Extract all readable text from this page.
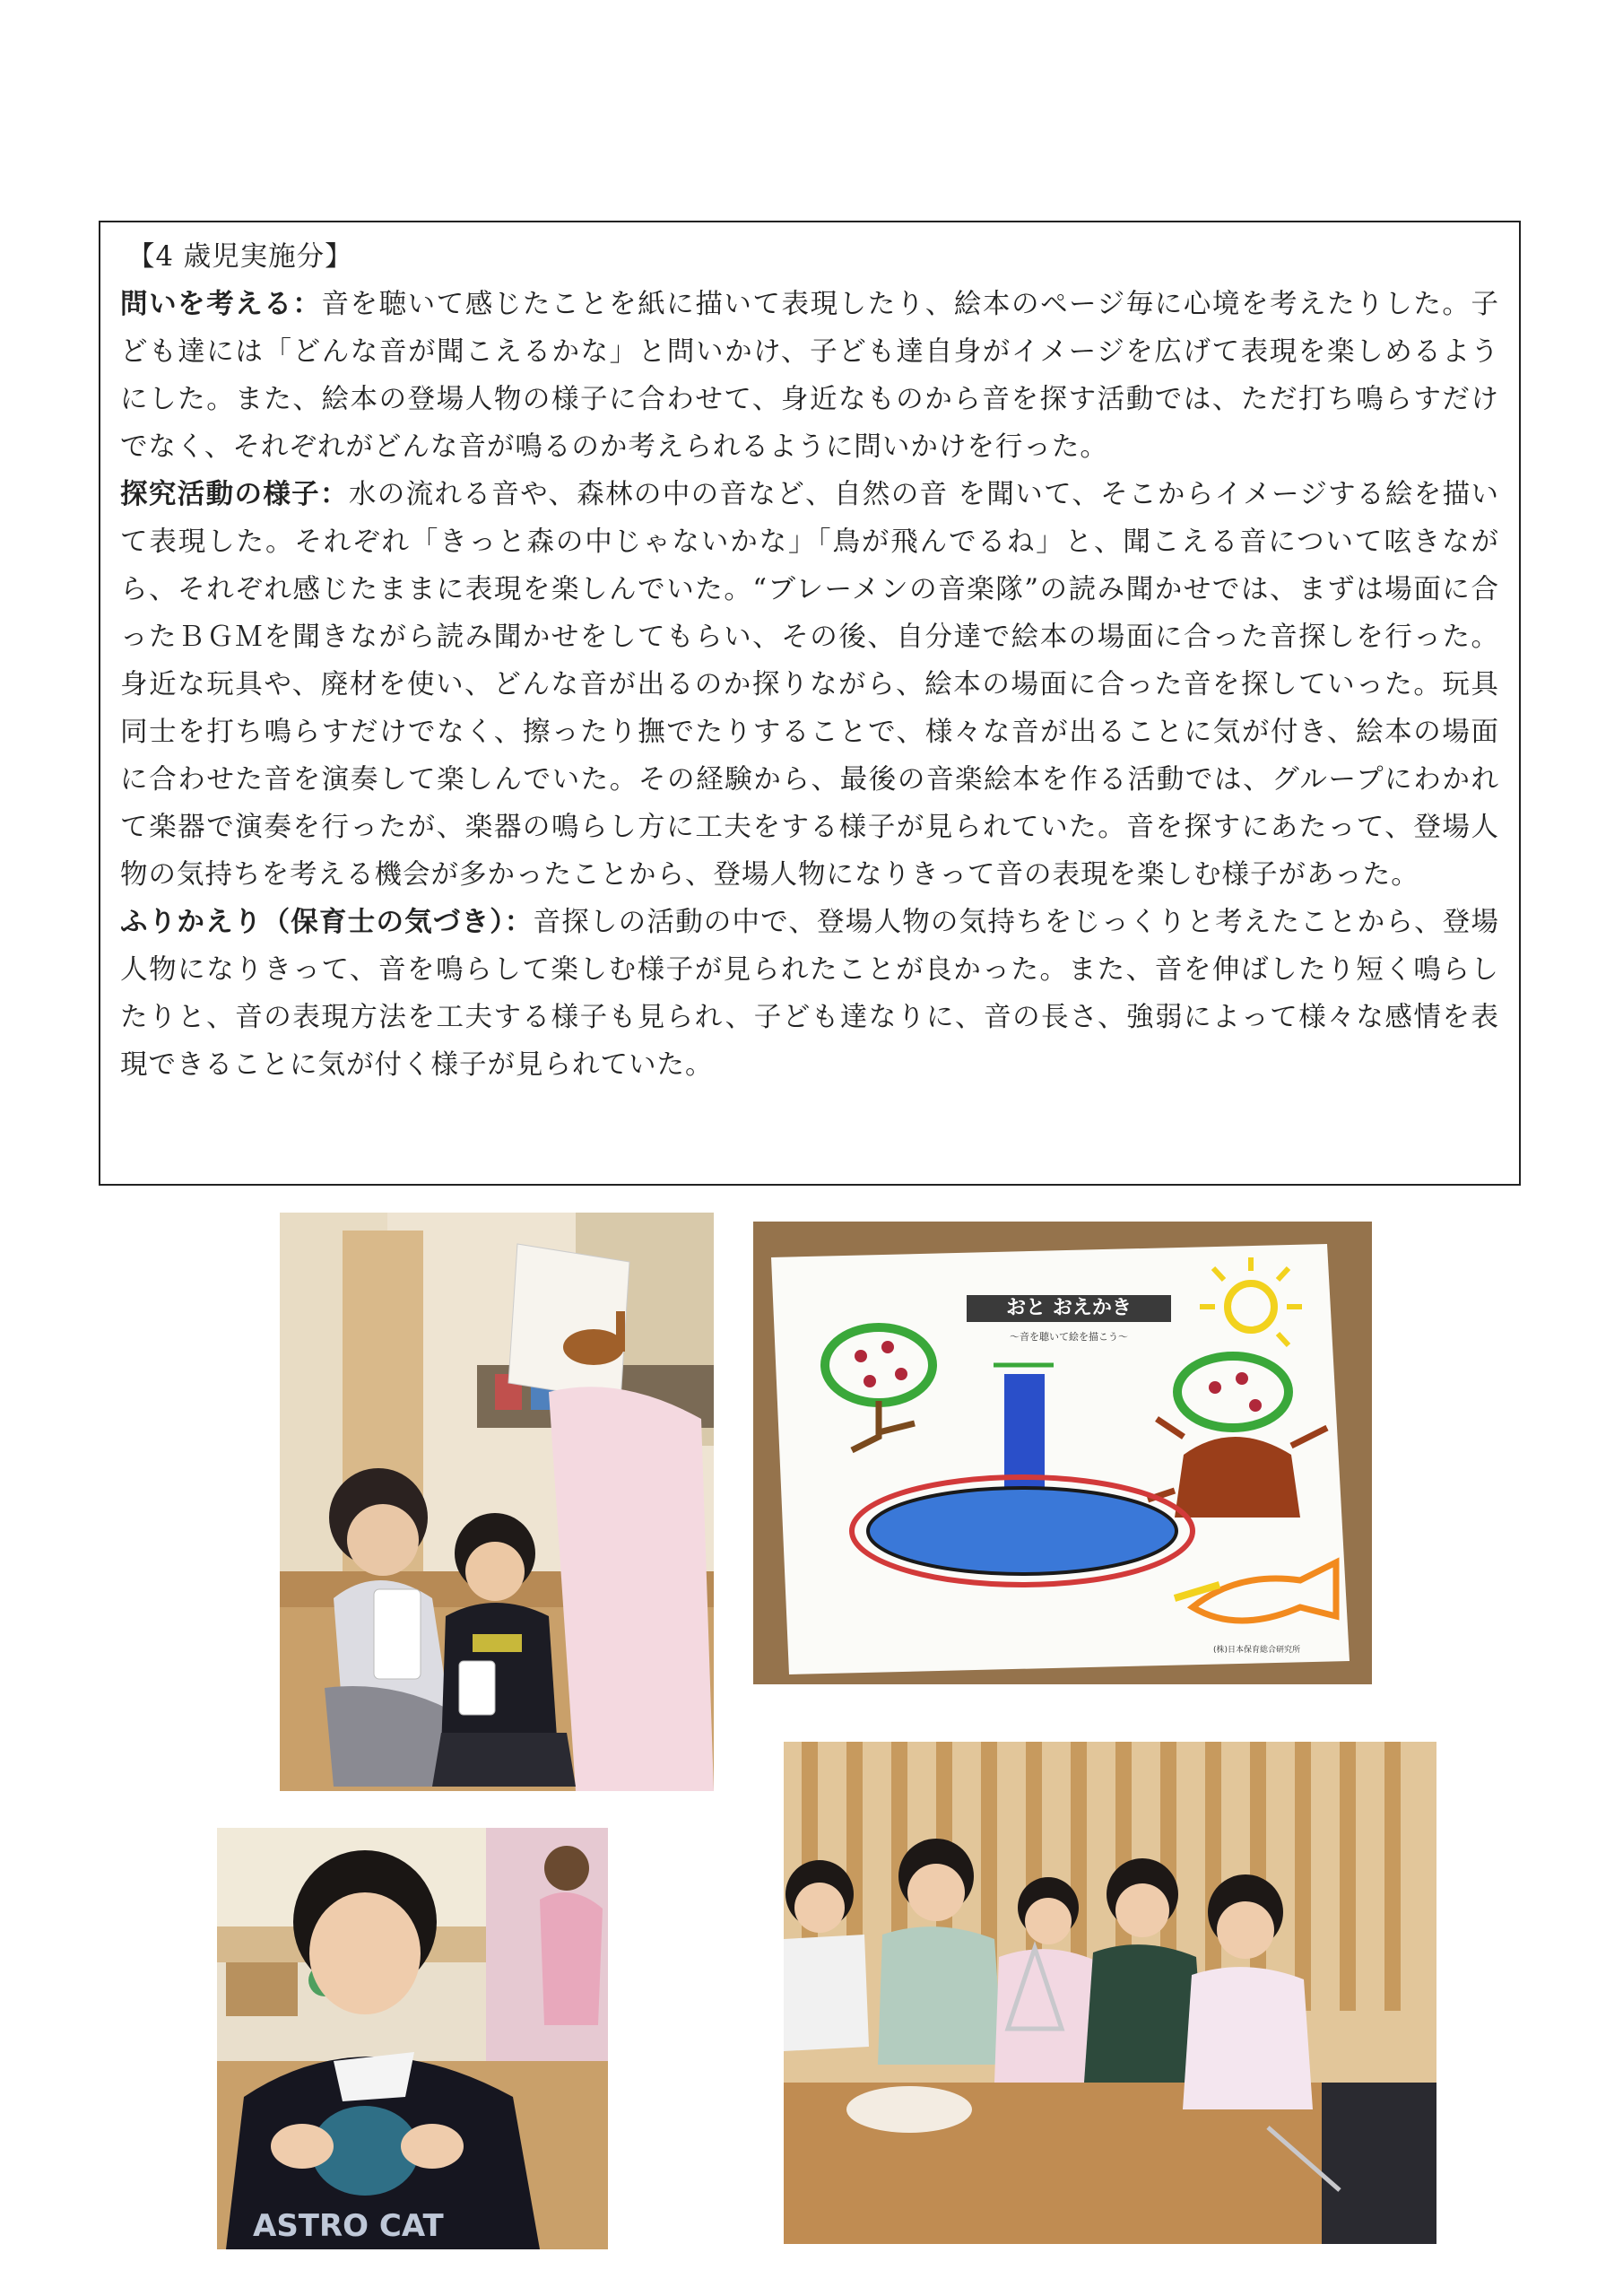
【4 歳児実施分】

問いを考える：音を聴いて感じたことを紙に描いて表現したり、絵本のページ毎に心境を考えたりした。子ども達には「どんな音が聞こえるかな」と問いかけ、子ども達自身がイメージを広げて表現を楽しめるようにした。また、絵本の登場人物の様子に合わせて、身近なものから音を探す活動では、ただ打ち鳴らすだけでなく、それぞれがどんな音が鳴るのか考えられるように問いかけを行った。

探究活動の様子：水の流れる音や、森林の中の音など、自然の音 を聞いて、そこからイメージする絵を描いて表現した。それぞれ「きっと森の中じゃないかな」「鳥が飛んでるね」と、聞こえる音について呟きながら、それぞれ感じたままに表現を楽しんでいた。“ブレーメンの音楽隊”の読み聞かせでは、まずは場面に合ったＢＧＭを聞きながら読み聞かせをしてもらい、その後、自分達で絵本の場面に合った音探しを行った。身近な玩具や、廃材を使い、どんな音が出るのか探りながら、絵本の場面に合った音を探していった。玩具同士を打ち鳴らすだけでなく、擦ったり撫でたりすることで、様々な音が出ることに気が付き、絵本の場面に合わせた音を演奏して楽しんでいた。その経験から、最後の音楽絵本を作る活動では、グループにわかれて楽器で演奏を行ったが、楽器の鳴らし方に工夫をする様子が見られていた。音を探すにあたって、登場人物の気持ちを考える機会が多かったことから、登場人物になりきって音の表現を楽しむ様子があった。

ふりかえり（保育士の気づき）：音探しの活動の中で、登場人物の気持ちをじっくりと考えたことから、登場人物になりきって、音を鳴らして楽しむ様子が見られたことが良かった。また、音を伸ばしたり短く鳴らしたりと、音の表現方法を工夫する様子も見られ、子ども達なりに、音の長さ、強弱によって様々な感情を表現できることに気が付く様子が見られていた。

おと おえかき
〜音を聴いて絵を描こう〜
(株)日本保育総合研究所
ASTRO CAT
